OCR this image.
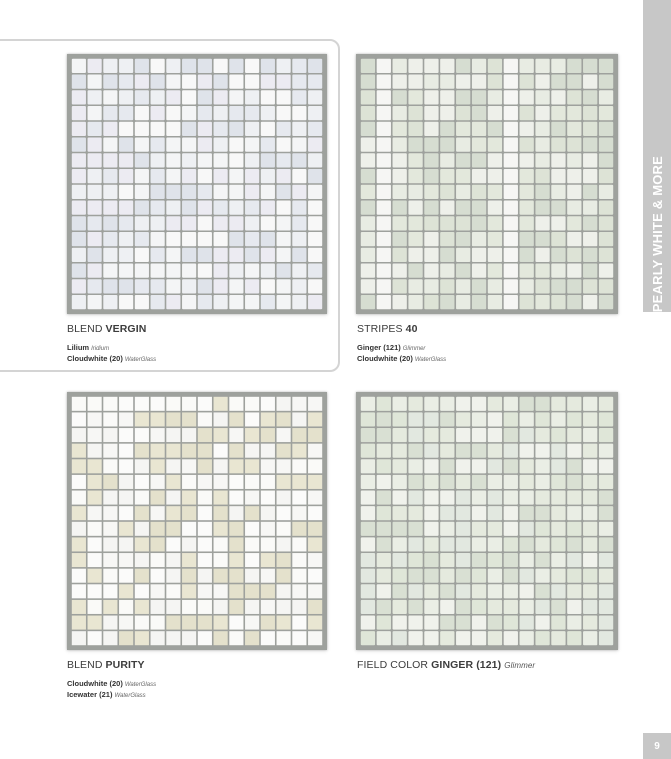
PEARLY WHITE & MORE
BLEND VERGIN
Lilium Iridium
Cloudwhite (20) WaterGlass
STRIPES 40
Ginger (121) Glimmer
Cloudwhite (20) WaterGlass
BLEND PURITY
Cloudwhite (20) WaterGlass
Icewater (21) WaterGlass
FIELD COLOR GINGER (121) Glimmer
9
